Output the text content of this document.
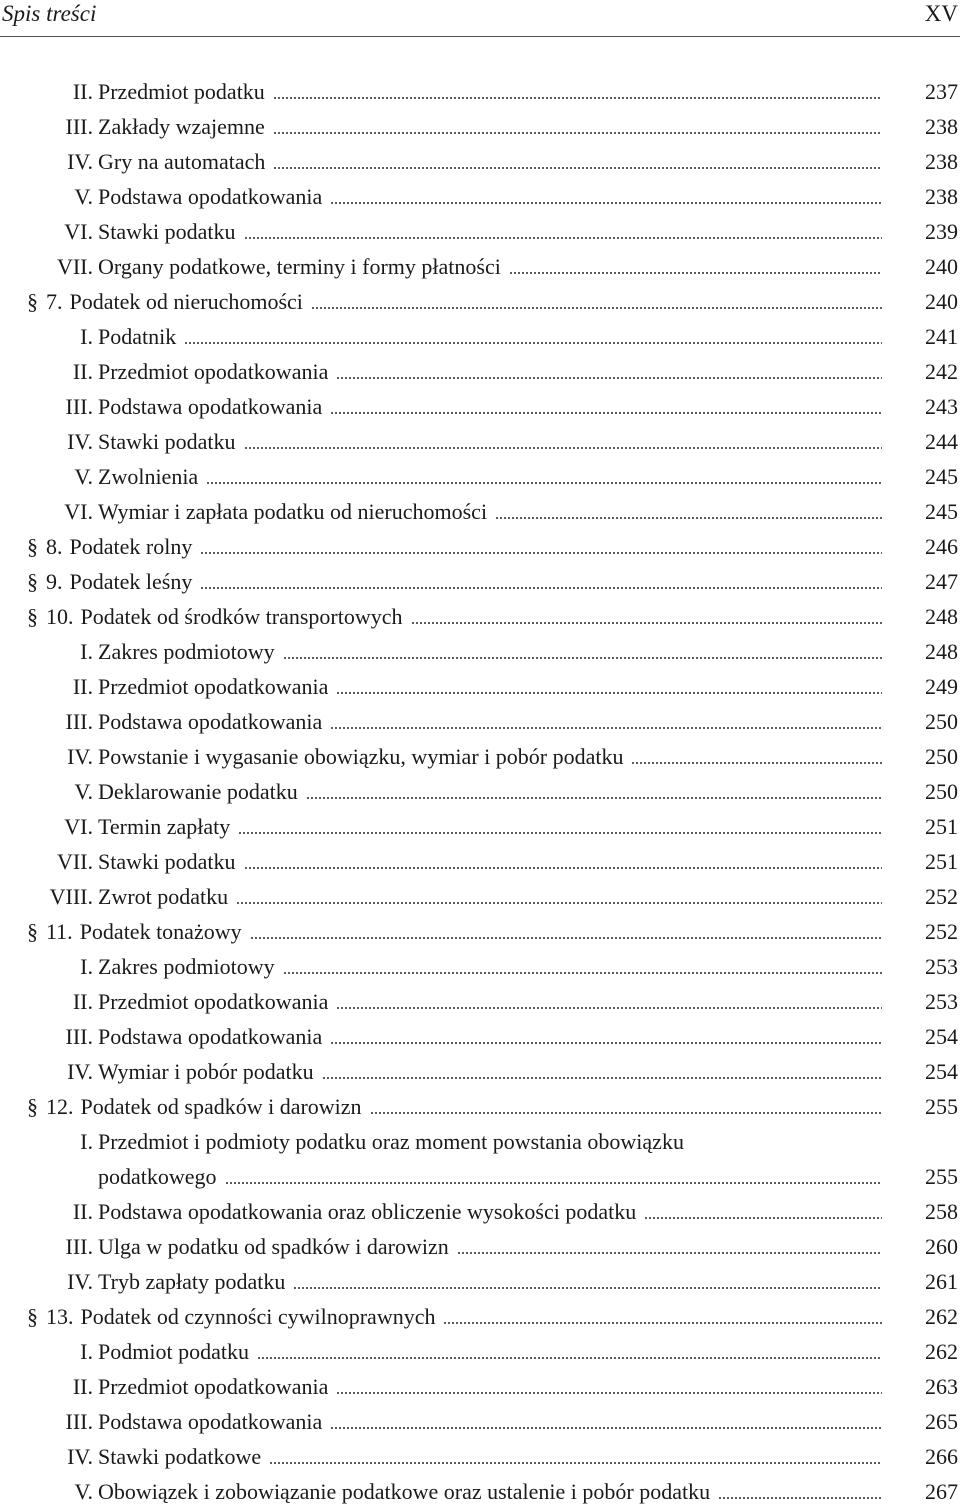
Spis treści	XV
II. Przedmiot podatku	237
III. Zakłady wzajemne	238
IV. Gry na automatach	238
V. Podstawa opodatkowania	238
VI. Stawki podatku	239
VII. Organy podatkowe, terminy i formy płatności	240
§ 7. Podatek od nieruchomości	240
I. Podatnik	241
II. Przedmiot opodatkowania	242
III. Podstawa opodatkowania	243
IV. Stawki podatku	244
V. Zwolnienia	245
VI. Wymiar i zapłata podatku od nieruchomości	245
§ 8. Podatek rolny	246
§ 9. Podatek leśny	247
§ 10. Podatek od środków transportowych	248
I. Zakres podmiotowy	248
II. Przedmiot opodatkowania	249
III. Podstawa opodatkowania	250
IV. Powstanie i wygasanie obowiązku, wymiar i pobór podatku	250
V. Deklarowanie podatku	250
VI. Termin zapłaty	251
VII. Stawki podatku	251
VIII. Zwrot podatku	252
§ 11. Podatek tonażowy	252
I. Zakres podmiotowy	253
II. Przedmiot opodatkowania	253
III. Podstawa opodatkowania	254
IV. Wymiar i pobór podatku	254
§ 12. Podatek od spadków i darowizn	255
I. Przedmiot i podmioty podatku oraz moment powstania obowiązku
podatkowego	255
II. Podstawa opodatkowania oraz obliczenie wysokości podatku	258
III. Ulga w podatku od spadków i darowizn	260
IV. Tryb zapłaty podatku	261
§ 13. Podatek od czynności cywilnoprawnych	262
I. Podmiot podatku	262
II. Przedmiot opodatkowania	263
III. Podstawa opodatkowania	265
IV. Stawki podatkowe	266
V. Obowiązek i zobowiązanie podatkowe oraz ustalenie i pobór podatku	267
